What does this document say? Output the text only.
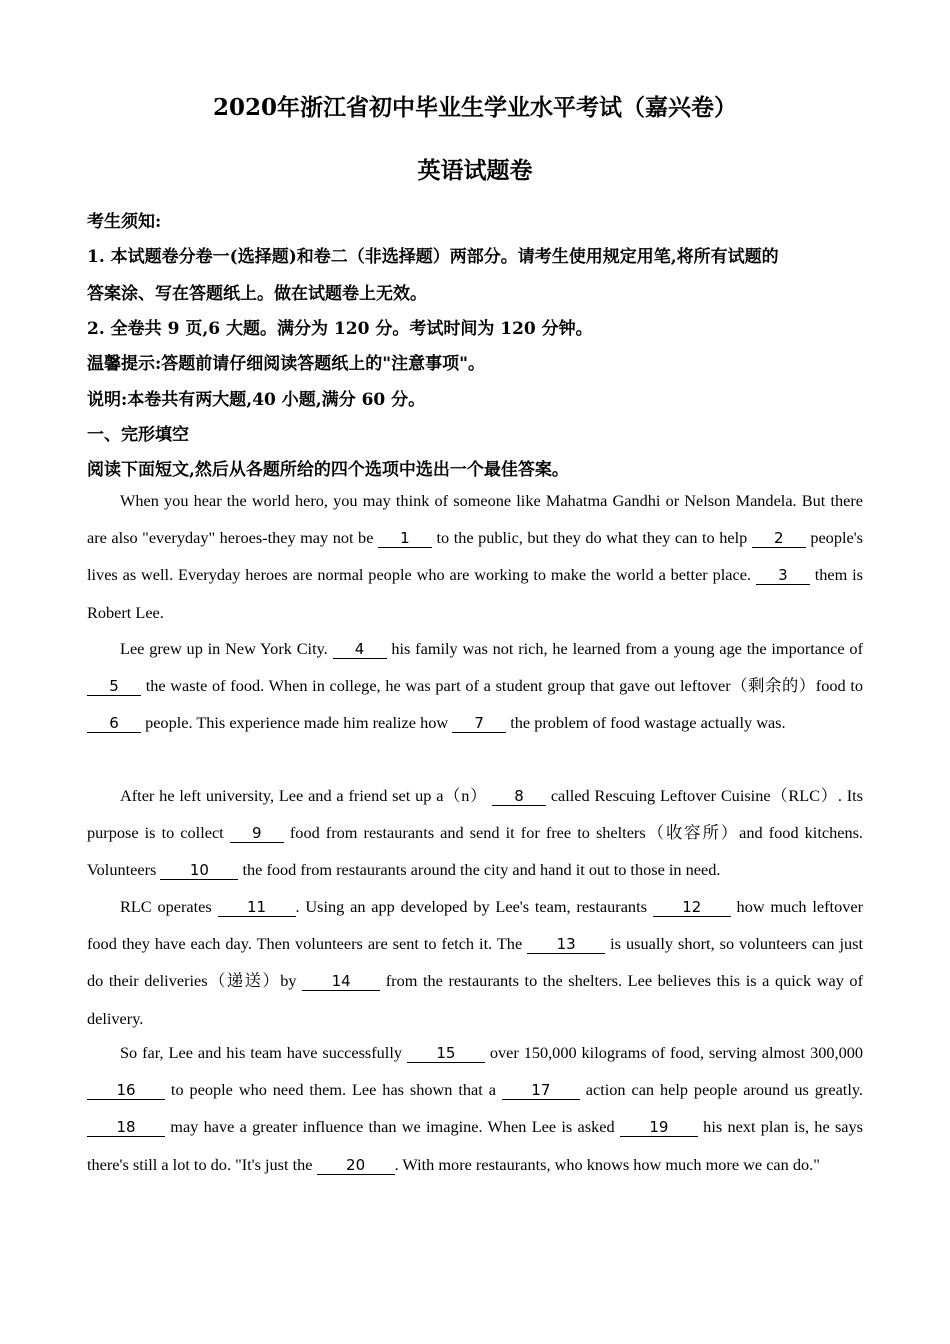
2020年浙江省初中毕业生学业水平考试（嘉兴卷）
英语试题卷
考生须知:
1. 本试题卷分卷一(选择题)和卷二（非选择题）两部分。请考生使用规定用笔,将所有试题的
答案涂、写在答题纸上。做在试题卷上无效。
2. 全卷共 9 页,6 大题。满分为 120 分。考试时间为 120 分钟。
温馨提示:答题前请仔细阅读答题纸上的"注意事项"。
说明:本卷共有两大题,40 小题,满分 60 分。
一、完形填空
阅读下面短文,然后从各题所给的四个选项中选出一个最佳答案。
When you hear the world hero, you may think of someone like Mahatma Gandhi or Nelson Mandela. But there are also "everyday" heroes-they may not be 1 to the public, but they do what they can to help 2 people's lives as well. Everyday heroes are normal people who are working to make the world a better place. 3 them is Robert Lee.
Lee grew up in New York City. 4 his family was not rich, he learned from a young age the importance of 5 the waste of food. When in college, he was part of a student group that gave out leftover（剩余的）food to 6 people. This experience made him realize how 7 the problem of food wastage actually was.
After he left university, Lee and a friend set up a（n） 8 called Rescuing Leftover Cuisine（RLC）. Its purpose is to collect 9 food from restaurants and send it for free to shelters（收容所）and food kitchens. Volunteers 10 the food from restaurants around the city and hand it out to those in need.
RLC operates 11 . Using an app developed by Lee's team, restaurants 12 how much leftover food they have each day. Then volunteers are sent to fetch it. The 13 is usually short, so volunteers can just do their deliveries（递送）by 14 from the restaurants to the shelters. Lee believes this is a quick way of delivery.
So far, Lee and his team have successfully 15 over 150,000 kilograms of food, serving almost 300,000 16 to people who need them. Lee has shown that a 17 action can help people around us greatly. 18 may have a greater influence than we imagine. When Lee is asked 19 his next plan is, he says there's still a lot to do. "It's just the 20 . With more restaurants, who knows how much more we can do."
